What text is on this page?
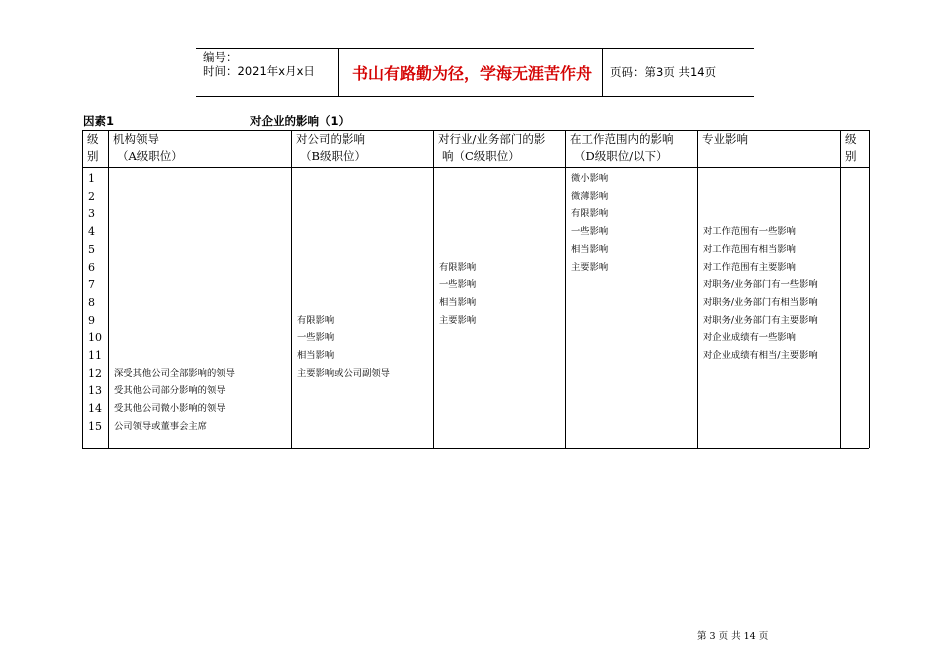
编号：
时间：2021年x月x日 书山有路勤为径，学海无涯苦作舟 页码：第3页 共14页
因素1	对企业的影响（1）
级
别
机构领导
（A级职位）
对公司的影响
（B级职位）
对行业/业务部门的影
响（C级职位）
在工作范围内的影响
（D级职位/以下）
专业影响	级
别
1
2
3
4
5
6
7
8
9
10
11
12
13
14
15
深受其他公司全部影响的领导
受其他公司部分影响的领导
受其他公司微小影响的领导
公司领导或董事会主席
有限影响
一些影响
相当影响
主要影响或公司副领导
有限影响
一些影响
相当影响
主要影响
微小影响
微薄影响
有限影响
一些影响
相当影响
主要影响
对工作范围有一些影响
对工作范围有相当影响
对工作范围有主要影响
对职务/业务部门有一些影响
对职务/业务部门有相当影响
对职务/业务部门有主要影响
对企业成绩有一些影响
对企业成绩有相当/主要影响
第 3 页 共 14 页
